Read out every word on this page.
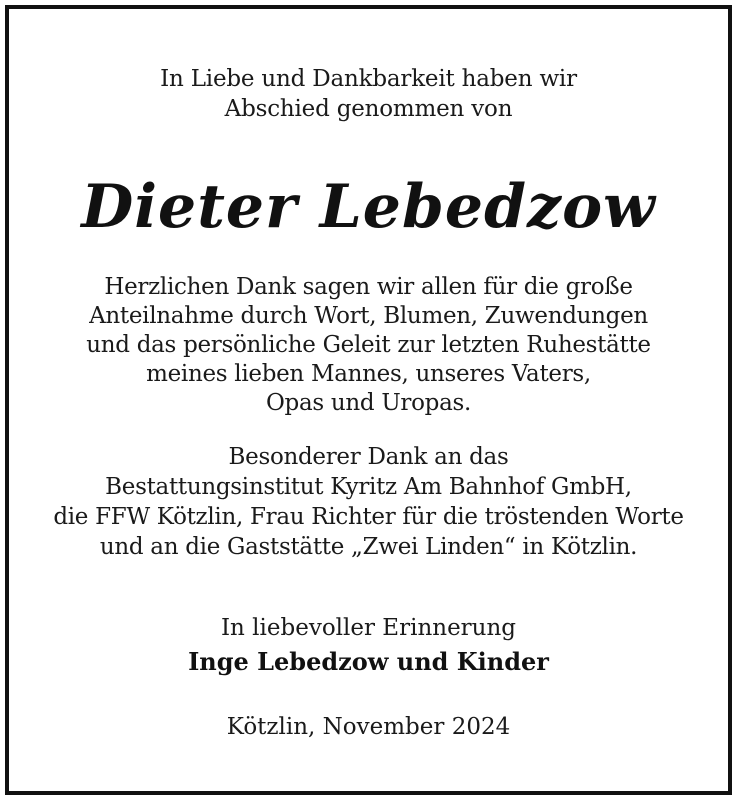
In Liebe und Dankbarkeit haben wir
Abschied genommen von
Dieter Lebedzow
Herzlichen Dank sagen wir allen für die große
Anteilnahme durch Wort, Blumen, Zuwendungen
und das persönliche Geleit zur letzten Ruhestätte
meines lieben Mannes, unseres Vaters,
Opas und Uropas.
Besonderer Dank an das
Bestattungsinstitut Kyritz Am Bahnhof GmbH,
die FFW Kötzlin, Frau Richter für die tröstenden Worte
und an die Gaststätte „Zwei Linden“ in Kötzlin.
In liebevoller Erinnerung
Inge Lebedzow und Kinder
Kötzlin, November 2024
